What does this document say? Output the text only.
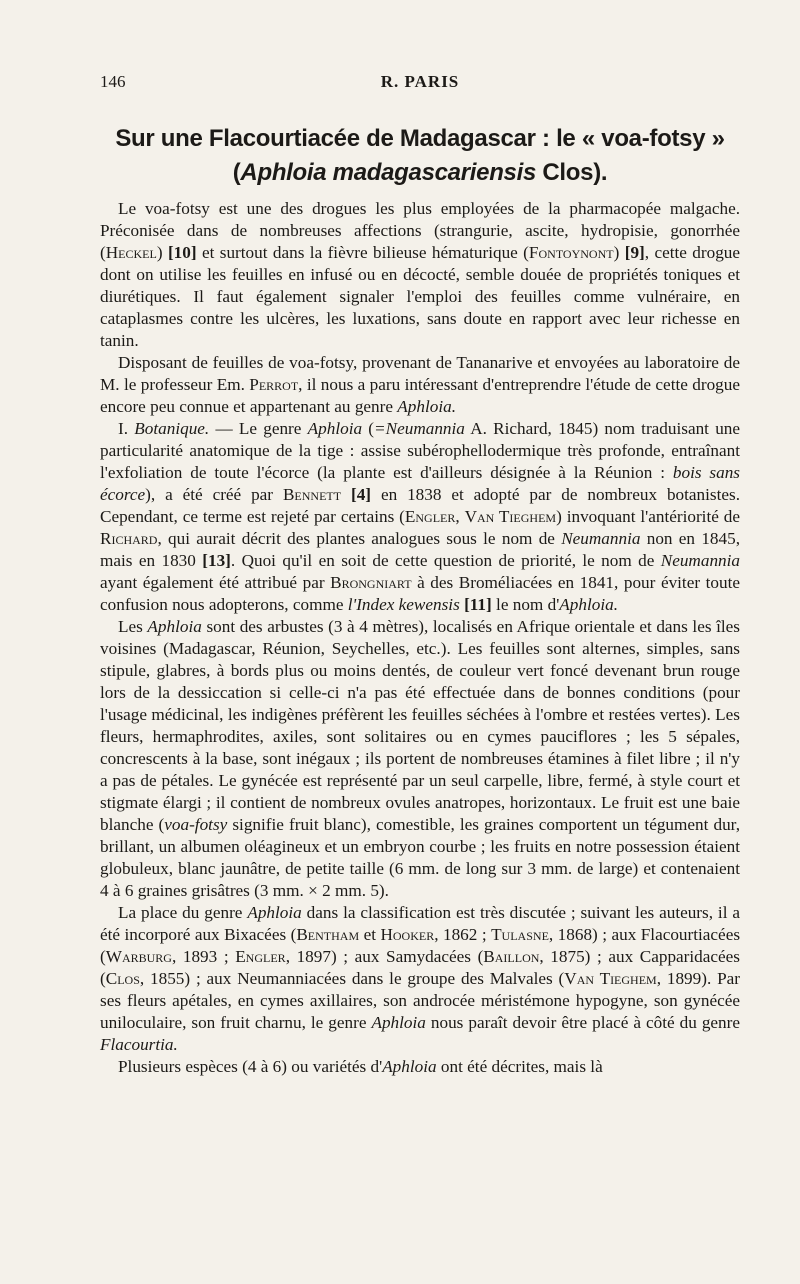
146	R. PARIS
Sur une Flacourtiacée de Madagascar : le « voa-fotsy »
(Aphloia madagascariensis Clos).

Le voa-fotsy est une des drogues les plus employées de la pharmacopée malgache. Préconisée dans de nombreuses affections (strangurie, ascite, hydropisie, gonorrhée (Heckel) [10] et surtout dans la fièvre bilieuse hématurique (Fontoynont) [9], cette drogue dont on utilise les feuilles en infusé ou en décocté, semble douée de propriétés toniques et diurétiques. Il faut également signaler l'emploi des feuilles comme vulnéraire, en cataplasmes contre les ulcères, les luxations, sans doute en rapport avec leur richesse en tanin.

Disposant de feuilles de voa-fotsy, provenant de Tananarive et envoyées au laboratoire de M. le professeur Em. Perrot, il nous a paru intéressant d'entreprendre l'étude de cette drogue encore peu connue et appartenant au genre Aphloia.

I. Botanique. — Le genre Aphloia (=Neumannia A. Richard, 1845) nom traduisant une particularité anatomique de la tige : assise subérophellodermique très profonde, entraînant l'exfoliation de toute l'écorce (la plante est d'ailleurs désignée à la Réunion : bois sans écorce), a été créé par Bennett [4] en 1838 et adopté par de nombreux botanistes. Cependant, ce terme est rejeté par certains (Engler, Van Tieghem) invoquant l'antériorité de Richard, qui aurait décrit des plantes analogues sous le nom de Neumannia non en 1845, mais en 1830 [13]. Quoi qu'il en soit de cette question de priorité, le nom de Neumannia ayant également été attribué par Brongniart à des Broméliacées en 1841, pour éviter toute confusion nous adopterons, comme l'Index kewensis [11] le nom d'Aphloia.

Les Aphloia sont des arbustes (3 à 4 mètres), localisés en Afrique orientale et dans les îles voisines (Madagascar, Réunion, Seychelles, etc.). Les feuilles sont alternes, simples, sans stipule, glabres, à bords plus ou moins dentés, de couleur vert foncé devenant brun rouge lors de la dessiccation si celle-ci n'a pas été effectuée dans de bonnes conditions (pour l'usage médicinal, les indigènes préfèrent les feuilles séchées à l'ombre et restées vertes). Les fleurs, hermaphrodites, axiles, sont solitaires ou en cymes pauciflores ; les 5 sépales, concrescents à la base, sont inégaux ; ils portent de nombreuses étamines à filet libre ; il n'y a pas de pétales. Le gynécée est représenté par un seul carpelle, libre, fermé, à style court et stigmate élargi ; il contient de nombreux ovules anatropes, horizontaux. Le fruit est une baie blanche (voa-fotsy signifie fruit blanc), comestible, les graines comportent un tégument dur, brillant, un albumen oléagineux et un embryon courbe ; les fruits en notre possession étaient globuleux, blanc jaunâtre, de petite taille (6 mm. de long sur 3 mm. de large) et contenaient 4 à 6 graines grisâtres (3 mm. × 2 mm. 5).

La place du genre Aphloia dans la classification est très discutée ; suivant les auteurs, il a été incorporé aux Bixacées (Bentham et Hooker, 1862 ; Tulasne, 1868) ; aux Flacourtiacées (Warburg, 1893 ; Engler, 1897) ; aux Samydacées (Baillon, 1875) ; aux Capparidacées (Clos, 1855) ; aux Neumanniacées dans le groupe des Malvales (Van Tieghem, 1899). Par ses fleurs apétales, en cymes axillaires, son androcée méristémone hypogyne, son gynécée uniloculaire, son fruit charnu, le genre Aphloia nous paraît devoir être placé à côté du genre Flacourtia.

Plusieurs espèces (4 à 6) ou variétés d'Aphloia ont été décrites, mais là
